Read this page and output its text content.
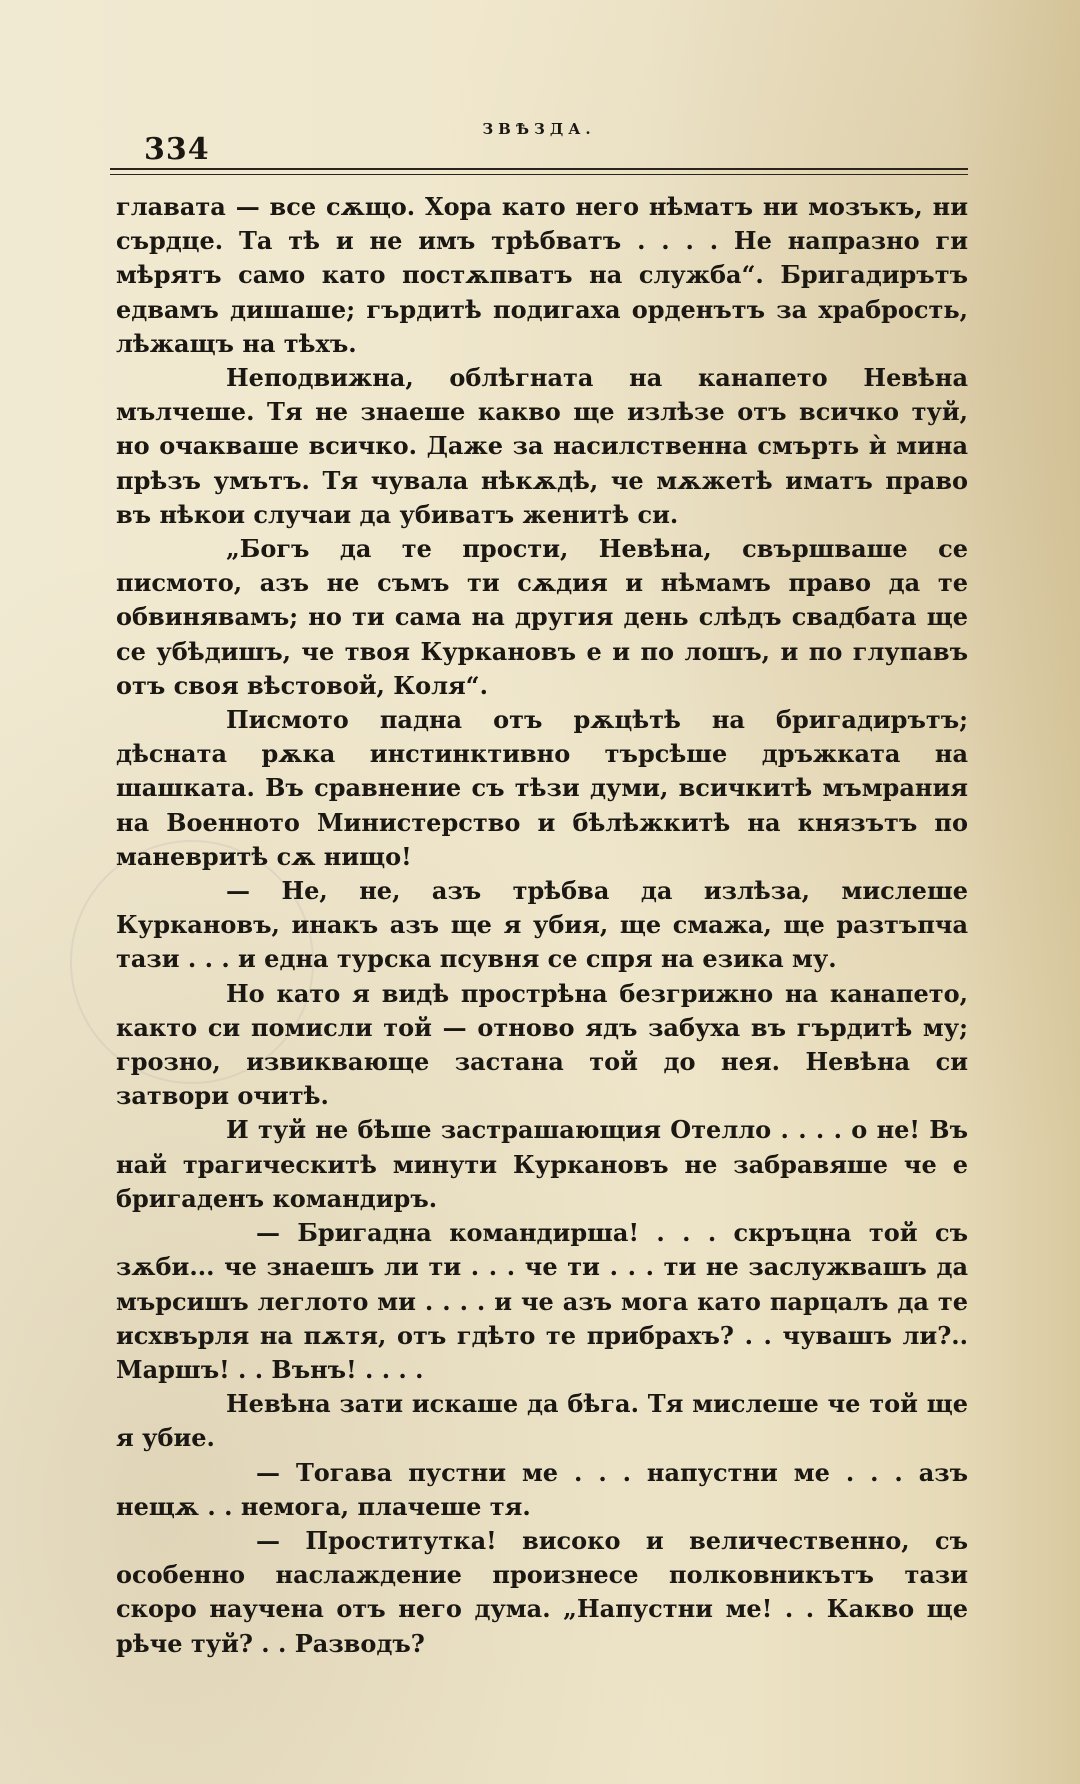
334
ЗВѢЗДА.

главата — все сѫщо. Хора като него нѣматъ ни мозъкъ, ни сърдце. Та тѣ и не имъ трѣбватъ . . . . Не напразно ги мѣрятъ само като постѫпватъ на служба“. Бригадирътъ едвамъ дишаше; гърдитѣ подигаха орденътъ за храбрость, лѣжащъ на тѣхъ.

Неподвижна, облѣгната на канапето Невѣна мълчеше. Тя не знаеше какво ще излѣзе отъ всичко туй, но очакваше всичко. Даже за насилственна смърть ѝ мина прѣзъ умътъ. Тя чувала нѣкѫдѣ, че мѫжетѣ иматъ право въ нѣкои случаи да убиватъ женитѣ си.

„Богъ да те прости, Невѣна, свършваше се писмото, азъ не съмъ ти сѫдия и нѣмамъ право да те обвинявамъ; но ти сама на другия день слѣдъ свадбата ще се убѣдишъ, че твоя Куркановъ е и по лошъ, и по глупавъ отъ своя вѣстовой, Коля“.

Писмото падна отъ рѫцѣтѣ на бригадирътъ; дѣсната рѫка инстинктивно търсѣше дръжката на шашката. Въ сравнение съ тѣзи думи, всичкитѣ мъмрания на Военното Министерство и бѣлѣжкитѣ на князътъ по маневритѣ сѫ нищо!

— Не, не, азъ трѣбва да излѣза, мислеше Куркановъ, инакъ азъ ще я убия, ще смажа, ще разтъпча тази . . . и една турска псувня се спря на езика му.

Но като я видѣ прострѣна безгрижно на канапето, както си помисли той — отново ядъ забуха въ гърдитѣ му; грозно, извиквающе застана той до нея. Невѣна си затвори очитѣ.

И туй не бѣше застрашающия Отелло . . . . о не! Въ най трагическитѣ минути Куркановъ не забравяше че е бригаденъ командиръ.

— Бригадна командирша! . . . скръцна той съ зѫби... че знаешъ ли ти . . . че ти . . . ти не заслужвашъ да мърсишъ леглото ми . . . . и че азъ мога като парцалъ да те исхвърля на пѫтя, отъ гдѣто те прибрахъ? . . чувашъ ли?.. Маршъ! . . Вънъ! . . . .

Невѣна зати искаше да бѣга. Тя мислеше че той ще я убие.

— Тогава пустни ме . . . напустни ме . . . азъ нещѫ . . немога, плачеше тя.

— Проститутка! високо и величественно, съ особенно наслаждение произнесе полковникътъ тази скоро научена отъ него дума. „Напустни ме! . . Какво ще рѣче туй? . . Разводъ?
